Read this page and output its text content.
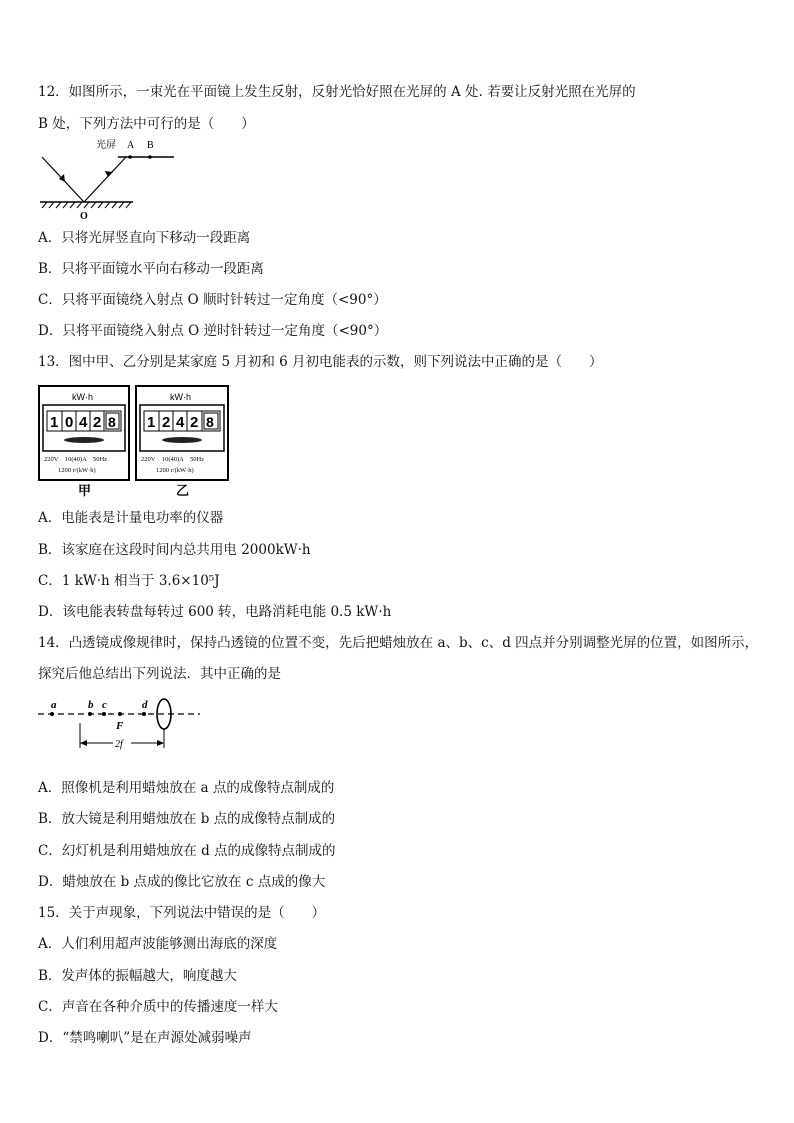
12．如图所示，一束光在平面镜上发生反射，反射光恰好照在光屏的 A 处. 若要让反射光照在光屏的
B 处，下列方法中可行的是（　　）
光屏 A B
O
A．只将光屏竖直向下移动一段距离
B．只将平面镜水平向右移动一段距离
C．只将平面镜绕入射点 O 顺时针转过一定角度（<90°）
D．只将平面镜绕入射点 O 逆时针转过一定角度（<90°）
13．图中甲、乙分别是某家庭 5 月初和 6 月初电能表的示数，则下列说法中正确的是（　　）
kW·h
1 0 4 2 8
220V　10(40)A　50Hz
1200 r/(kW·h)
甲
kW·h
1 2 4 2 8
220V　10(40)A　50Hz
1200 r/(kW·h)
乙
A．电能表是计量电功率的仪器
B．该家庭在这段时间内总共用电 2000kW·h
C．1 kW·h 相当于 3.6×10⁵J
D．该电能表转盘每转过 600 转，电路消耗电能 0.5 kW·h
14．凸透镜成像规律时，保持凸透镜的位置不变，先后把蜡烛放在 a、b、c、d 四点并分别调整光屏的位置，如图所示，
探究后他总结出下列说法．其中正确的是
a	b c	d
F
2f
A．照像机是利用蜡烛放在 a 点的成像特点制成的
B．放大镜是利用蜡烛放在 b 点的成像特点制成的
C．幻灯机是利用蜡烛放在 d 点的成像特点制成的
D．蜡烛放在 b 点成的像比它放在 c 点成的像大
15．关于声现象，下列说法中错误的是（　　）
A．人们利用超声波能够测出海底的深度
B．发声体的振幅越大，响度越大
C．声音在各种介质中的传播速度一样大
D．“禁鸣喇叭”是在声源处减弱噪声
